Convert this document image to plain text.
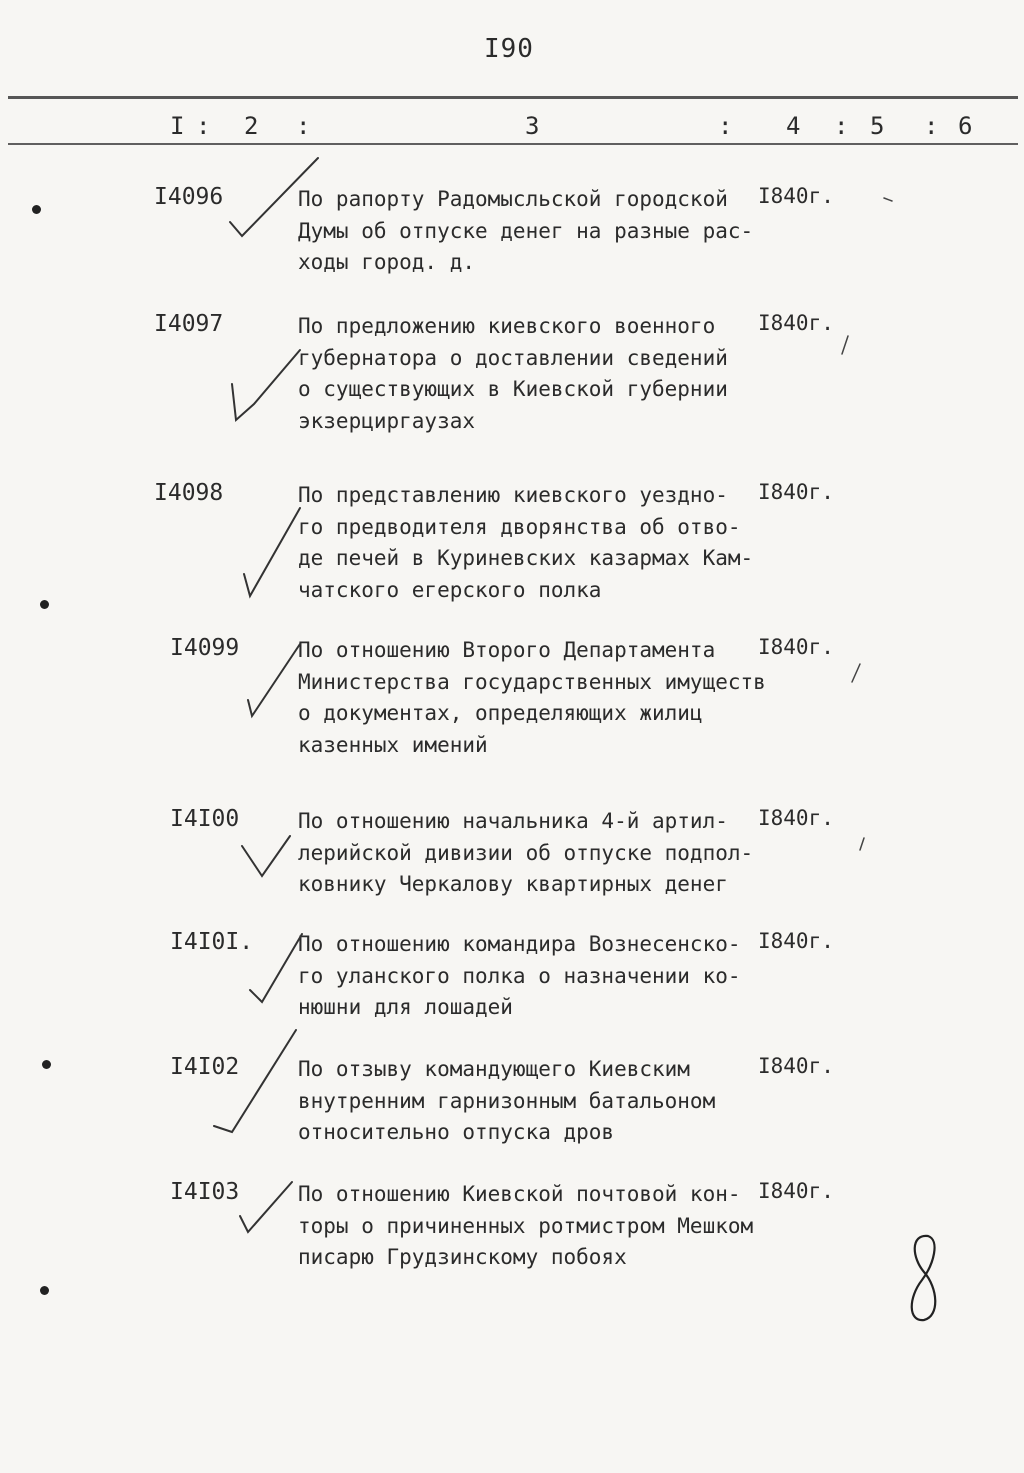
I90
I : 2 :	3	: 4 : 5 : 6
I4096	По рапорту Радомысльской городской
Думы об отпуске денег на разные рас-
ходы город. д.
I840г.
I4097	По предложению киевского военного
губернатора о доставлении сведений
о существующих в Киевской губернии
экзерциргаузах
I840г.
I4098	По представлению киевского уездно-
го предводителя дворянства об отво-
де печей в Куриневских казармах Кам-
чатского егерского полка
I840г.
I4099	По отношению Второго Департамента
Министерства государственных имуществ
о документах, определяющих жилиц
казенных имений
I840г.
I4I00	По отношению начальника 4-й артил-
лерийской дивизии об отпуске подпол-
ковнику Черкалову квартирных денег
I840г.
I4I0I. По отношению командира Вознесенско-
го уланского полка о назначении ко-
нюшни для лошадей
I840г.
I4I02	По отзыву командующего Киевским
внутренним гарнизонным батальоном
относительно отпуска дров
I840г.
I4I03	По отношению Киевской почтовой кон-
торы о причиненных ротмистром Мешком
писарю Грудзинскому побоях
I840г.
